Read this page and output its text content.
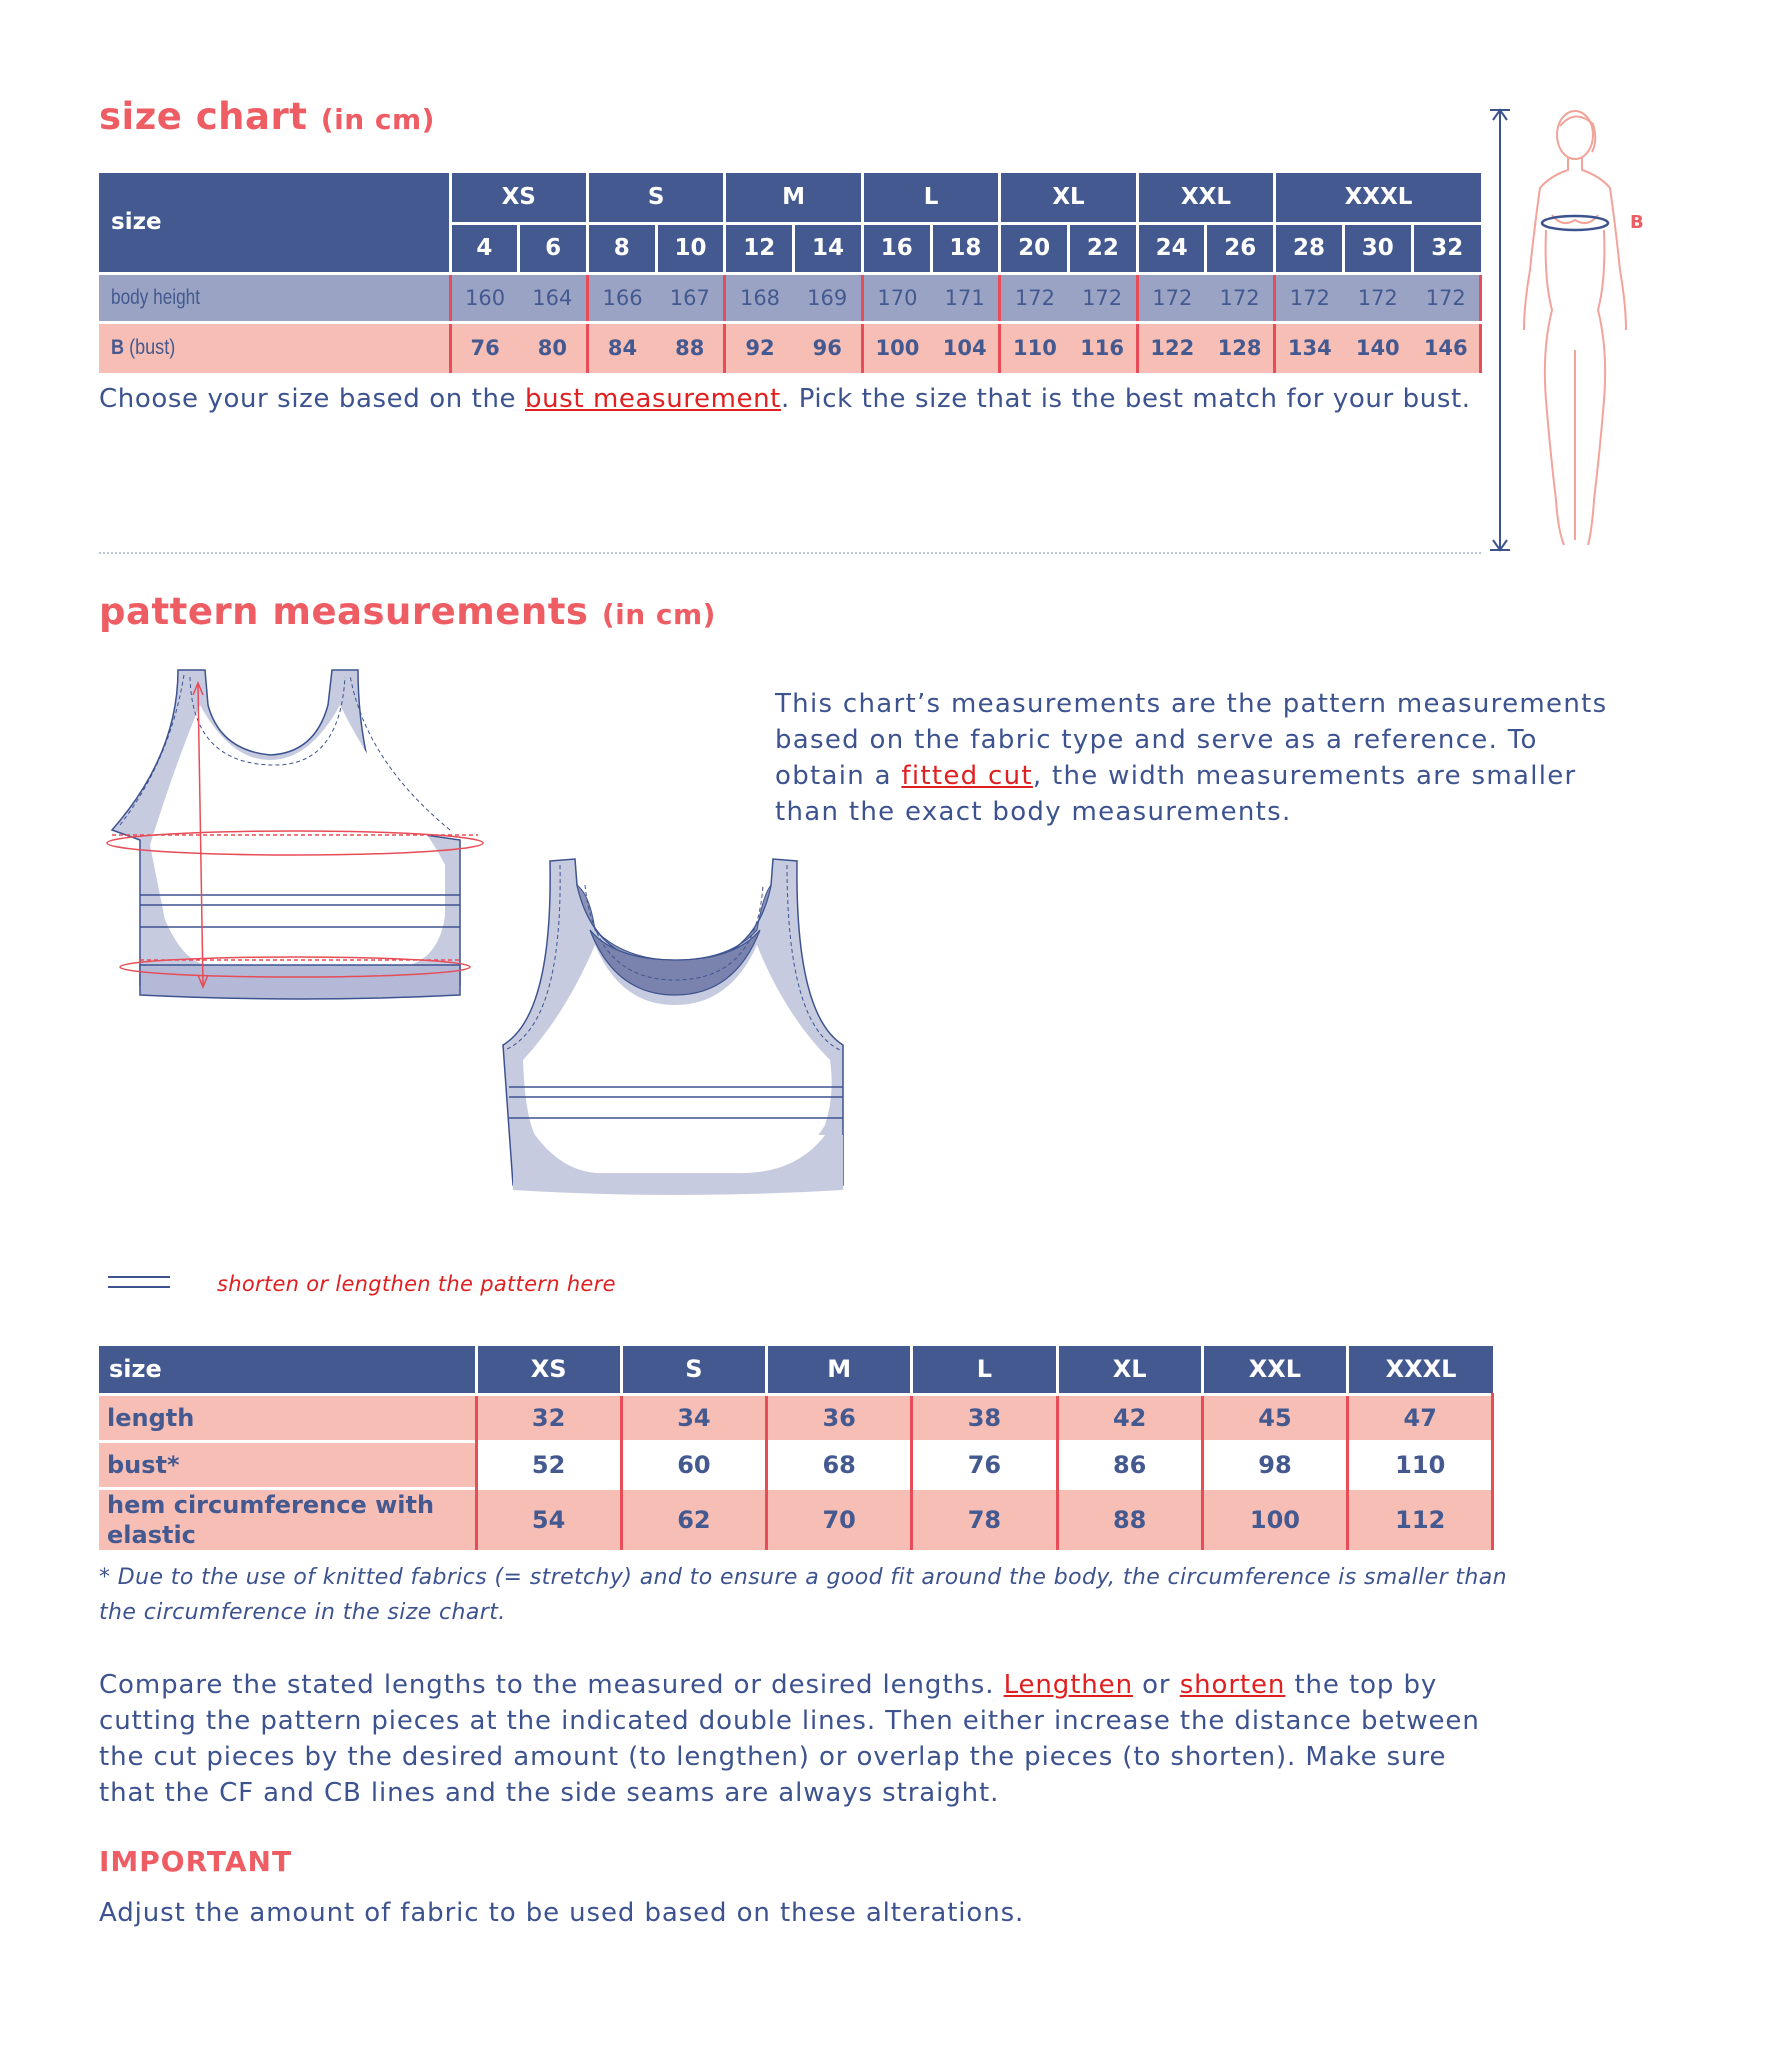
size chart (in cm)
size	XS		S		M		L		XL		XXL		XXXL		
	4	6	8	10	12	14	16	18	20	22	24	26	28	30	32
body height	160	164	166	167	168	169	170	171	172	172	172	172	172	172	172
B (bust)	76	80	84	88	92	96	100	104	110	116	122	128	134	140	146
Choose your size based on the bust measurement. Pick the size that is the best match for your bust.
B
pattern measurements (in cm)
This chart’s measurements are the pattern measurements based on the fabric type and serve as a reference. To obtain a fitted cut, the width measurements are smaller than the exact body measurements.
shorten or lengthen the pattern here
size	XS	S	M	L	XL	XXL	XXXL
length	32	34	36	38	42	45	47
bust*	52	60	68	76	86	98	110
hem circumference with elastic	54	62	70	78	88	100	112
* Due to the use of knitted fabrics (= stretchy) and to ensure a good fit around the body, the circumference is smaller than the circumference in the size chart.
Compare the stated lengths to the measured or desired lengths. Lengthen or shorten the top by cutting the pattern pieces at the indicated double lines. Then either increase the distance between the cut pieces by the desired amount (to lengthen) or overlap the pieces (to shorten). Make sure that the CF and CB lines and the side seams are always straight.
IMPORTANT
Adjust the amount of fabric to be used based on these alterations.
